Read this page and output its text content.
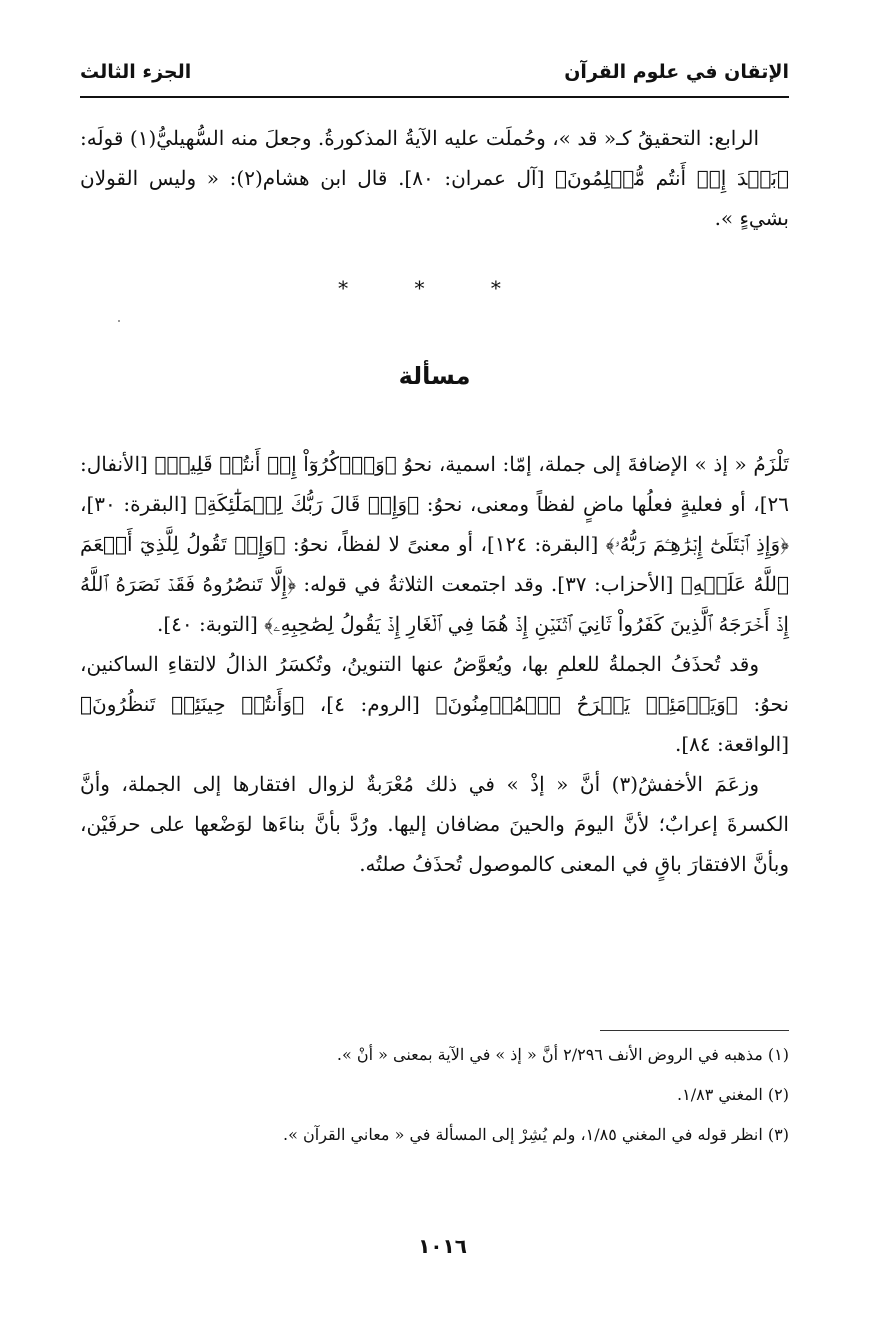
الإتقان في علوم القرآن
الجزء الثالث

الرابع: التحقيقُ كـ« قد »، وحُملَت عليه الآيةُ المذكورةُ. وجعلَ منه السُّهيليُّ(١) قولَه: ﴿بَعۡدَ إِذۡ أَنتُم مُّسۡلِمُونَ﴾ [آل عمران: ٨٠]. قال ابن هشام(٢): « وليس القولان بشيءٍ ».

* * *
مسألة

تَلْزَمُ « إذ » الإضافةَ إلى جملة، إمّا: اسمية، نحوُ ﴿وَٱذۡكُرُوٓاْ إِذۡ أَنتُمۡ قَلِيلٞ﴾ [الأنفال: ٢٦]، أو فعليةٍ فعلُها ماضٍ لفظاً ومعنى، نحوُ: ﴿وَإِذۡ قَالَ رَبُّكَ لِلۡمَلَٰٓئِكَةِ﴾ [البقرة: ٣٠]، ﴿وَإِذِ ٱبۡتَلَىٰٓ إِبۡرَٰهِـۧمَ رَبُّهُۥ﴾ [البقرة: ١٢٤]، أو معنىً لا لفظاً، نحوُ: ﴿وَإِذۡ تَقُولُ لِلَّذِيٓ أَنۡعَمَ ٱللَّهُ عَلَيۡهِ﴾ [الأحزاب: ٣٧]. وقد اجتمعت الثلاثةُ في قوله: ﴿إِلَّا تَنصُرُوهُ فَقَدۡ نَصَرَهُ ٱللَّهُ إِذۡ أَخۡرَجَهُ ٱلَّذِينَ كَفَرُواْ ثَانِيَ ٱثۡنَيۡنِ إِذۡ هُمَا فِي ٱلۡغَارِ إِذۡ يَقُولُ لِصَٰحِبِهِۦ﴾ [التوبة: ٤٠].

وقد تُحذَفُ الجملةُ للعلمِ بها، ويُعوَّضُ عنها التنوينُ، وتُكسَرُ الذالُ لالتقاءِ الساكنين، نحوُ: ﴿وَيَوۡمَئِذٖ يَفۡرَحُ ٱلۡمُؤۡمِنُونَ﴾ [الروم: ٤]، ﴿وَأَنتُمۡ حِينَئِذٖ تَنظُرُونَ﴾ [الواقعة: ٨٤].

وزعَمَ الأخفشُ(٣) أنَّ « إذْ » في ذلك مُعْرَبةٌ لزوال افتقارها إلى الجملة، وأنَّ الكسرةَ إعرابٌ؛ لأنَّ اليومَ والحينَ مضافان إليها. ورُدَّ بأنَّ بناءَها لوَضْعها على حرفَيْن، وبأنَّ الافتقارَ باقٍ في المعنى كالموصول تُحذَفُ صلتُه.

(١) مذهبه في الروض الأنف ٢/٢٩٦ أنَّ « إذ » في الآية بمعنى « أنْ ».
(٢) المغني ١/٨٣.
(٣) انظر قوله في المغني ١/٨٥، ولم يُشِرْ إلى المسألة في « معاني القرآن ».
١٠١٦
